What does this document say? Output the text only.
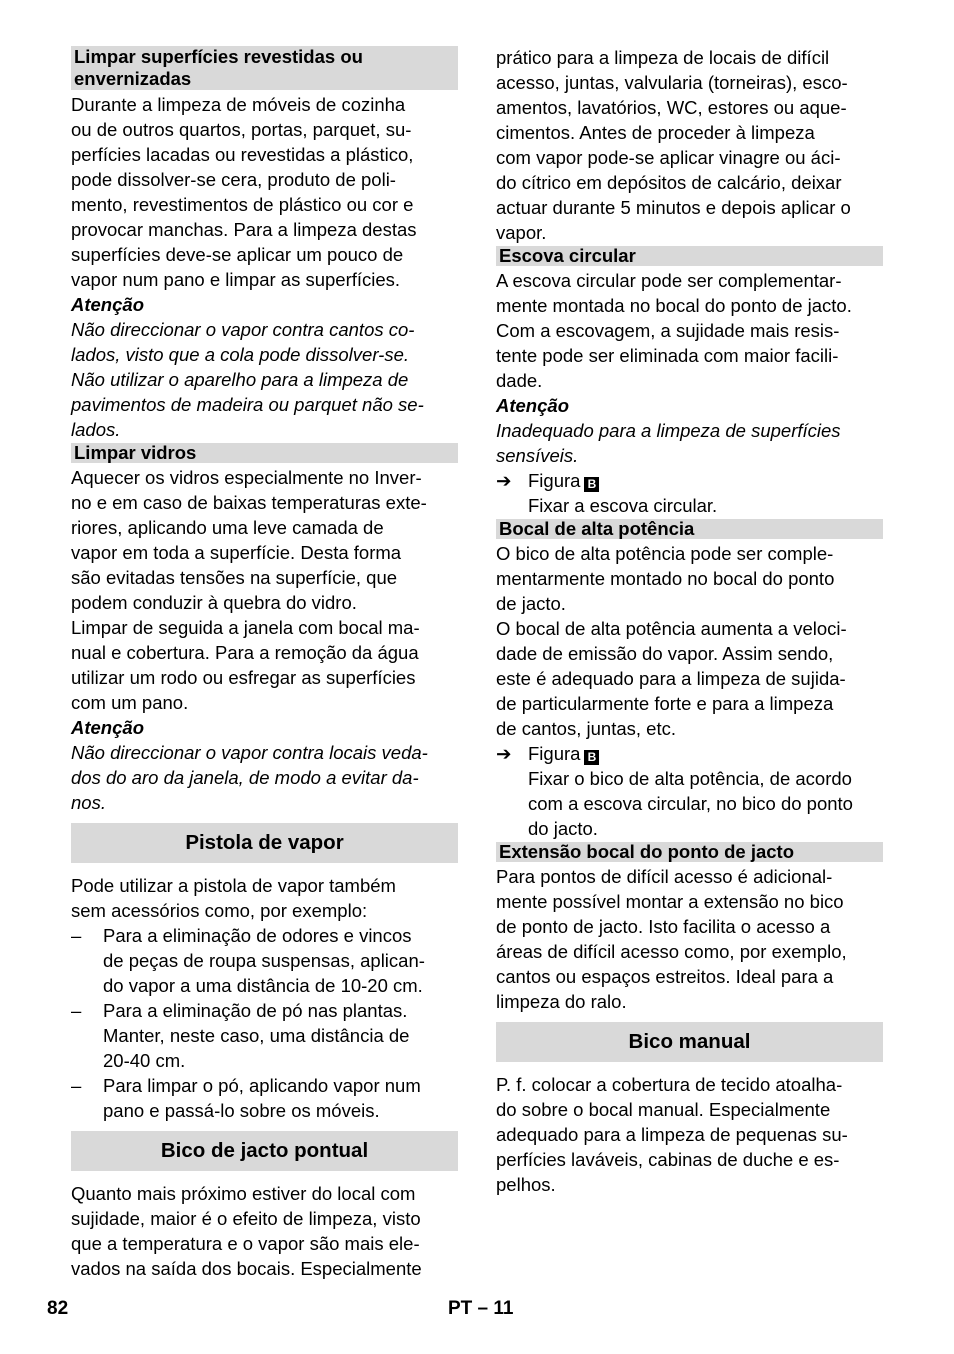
Limpar superfícies revestidas ou
envernizadas
Durante a limpeza de móveis de cozinha
ou de outros quartos, portas, parquet, su-
perfícies lacadas ou revestidas a plástico,
pode dissolver-se cera, produto de poli-
mento, revestimentos de plástico ou cor e
provocar manchas. Para a limpeza destas
superfícies deve-se aplicar um pouco de
vapor num pano e limpar as superfícies.
Atenção
Não direccionar o vapor contra cantos co-
lados, visto que a cola pode dissolver-se.
Não utilizar o aparelho para a limpeza de
pavimentos de madeira ou parquet não se-
lados.
Limpar vidros
Aquecer os vidros especialmente no Inver-
no e em caso de baixas temperaturas exte-
riores, aplicando uma leve camada de
vapor em toda a superfície. Desta forma
são evitadas tensões na superfície, que
podem conduzir à quebra do vidro.
Limpar de seguida a janela com bocal ma-
nual e cobertura. Para a remoção da água
utilizar um rodo ou esfregar as superfícies
com um pano.
Atenção
Não direccionar o vapor contra locais veda-
dos do aro da janela, de modo a evitar da-
nos.
Pistola de vapor
Pode utilizar a pistola de vapor também
sem acessórios como, por exemplo:
–	Para a eliminação de odores e vincos
de peças de roupa suspensas, aplican-
do vapor a uma distância de 10-20 cm.
–	Para a eliminação de pó nas plantas.
Manter, neste caso, uma distância de
20-40 cm.
–	Para limpar o pó, aplicando vapor num
pano e passá-lo sobre os móveis.
Bico de jacto pontual
Quanto mais próximo estiver do local com
sujidade, maior é o efeito de limpeza, visto
que a temperatura e o vapor são mais ele-
vados na saída dos bocais. Especialmente
prático para a limpeza de locais de difícil
acesso, juntas, valvularia (torneiras), esco-
amentos, lavatórios, WC, estores ou aque-
cimentos. Antes de proceder à limpeza
com vapor pode-se aplicar vinagre ou áci-
do cítrico em depósitos de calcário, deixar
actuar durante 5 minutos e depois aplicar o
vapor.
Escova circular
A escova circular pode ser complementar-
mente montada no bocal do ponto de jacto.
Com a escovagem, a sujidade mais resis-
tente pode ser eliminada com maior facili-
dade.
Atenção
Inadequado para a limpeza de superfícies
sensíveis.
➔ Figura B
Fixar a escova circular.
Bocal de alta potência
O bico de alta potência pode ser comple-
mentarmente montado no bocal do ponto
de jacto.
O bocal de alta potência aumenta a veloci-
dade de emissão do vapor. Assim sendo,
este é adequado para a limpeza de sujida-
de particularmente forte e para a limpeza
de cantos, juntas, etc.
➔ Figura B
Fixar o bico de alta potência, de acordo
com a escova circular, no bico do ponto
do jacto.
Extensão bocal do ponto de jacto
Para pontos de difícil acesso é adicional-
mente possível montar a extensão no bico
de ponto de jacto. Isto facilita o acesso a
áreas de difícil acesso como, por exemplo,
cantos ou espaços estreitos. Ideal para a
limpeza do ralo.
Bico manual
P. f. colocar a cobertura de tecido atoalha-
do sobre o bocal manual. Especialmente
adequado para a limpeza de pequenas su-
perfícies laváveis, cabinas de duche e es-
pelhos.
82	PT – 11
